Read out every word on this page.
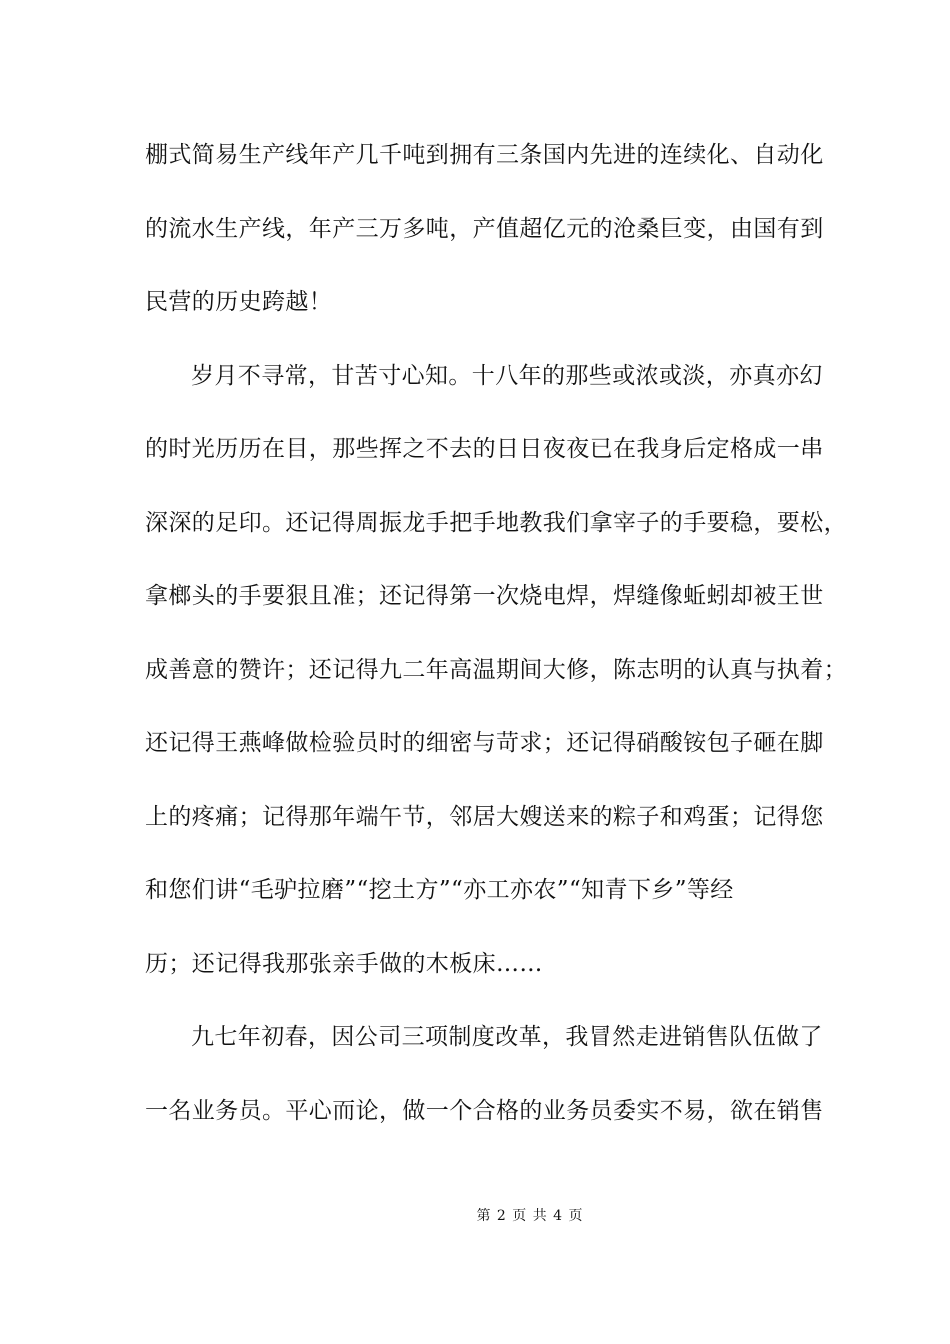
棚式简易生产线年产几千吨到拥有三条国内先进的连续化、自动化
的流水生产线，年产三万多吨，产值超亿元的沧桑巨变，由国有到
民营的历史跨越！
岁月不寻常，甘苦寸心知。十八年的那些或浓或淡，亦真亦幻
的时光历历在目，那些挥之不去的日日夜夜已在我身后定格成一串
深深的足印。还记得周振龙手把手地教我们拿宰子的手要稳，要松，
拿榔头的手要狠且准；还记得第一次烧电焊，焊缝像蚯蚓却被王世
成善意的赞许；还记得九二年高温期间大修，陈志明的认真与执着；
还记得王燕峰做检验员时的细密与苛求；还记得硝酸铵包子砸在脚
上的疼痛；记得那年端午节，邻居大嫂送来的粽子和鸡蛋；记得您
和您们讲“毛驴拉磨”“挖土方”“亦工亦农”“知青下乡”等经
历；还记得我那张亲手做的木板床……
九七年初春，因公司三项制度改革，我冒然走进销售队伍做了
一名业务员。平心而论，做一个合格的业务员委实不易，欲在销售
第 2 页 共 4 页
